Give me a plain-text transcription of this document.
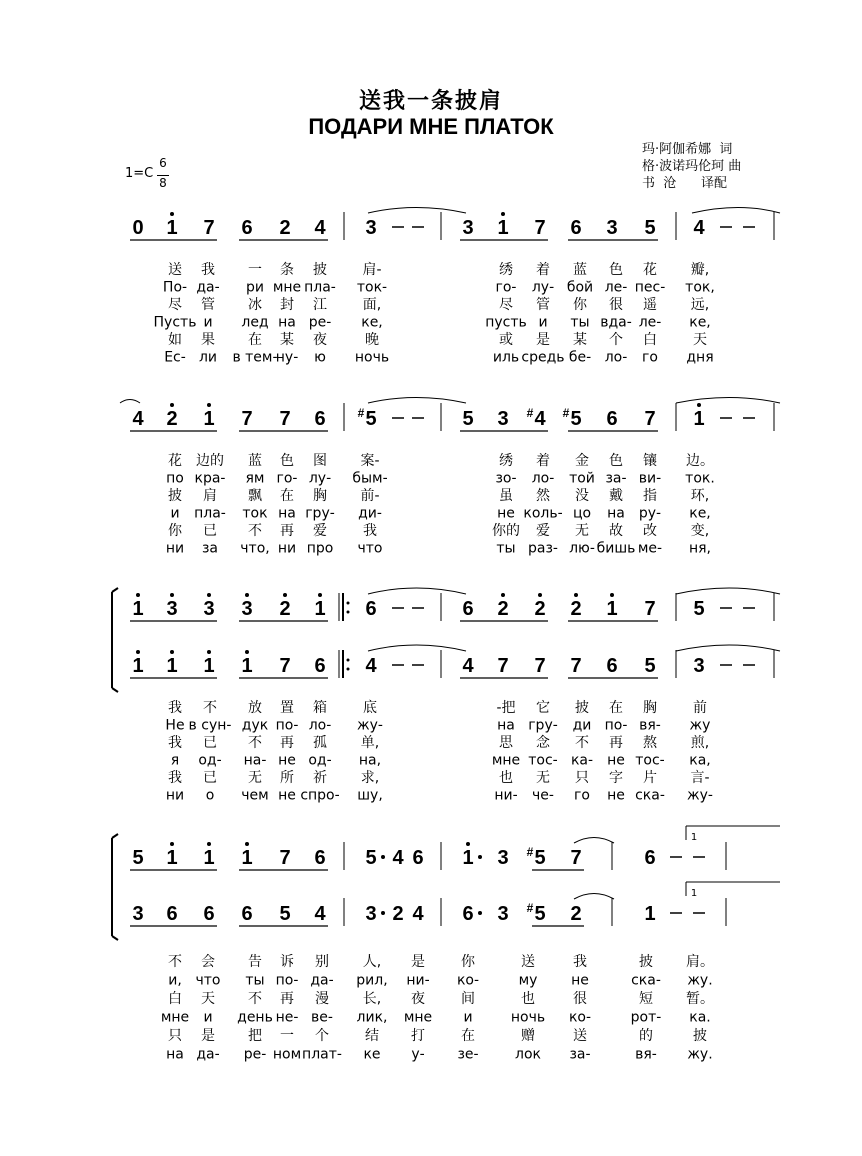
送我一条披肩
ПОДАРИ МНЕ ПЛАТОК
玛·阿伽希娜  词
格·波诺玛伦珂 曲
书  沧      译配
1=C
6
8
0 1 7 6 2 4 3	3 1 7 6 3 5 4
4 2 1 7 7 6 5
#	5 3 4
# 5
# 6 7 1
1 3 3 3 2 1 6	6 2 2 2 1 7 5
1 1 1 1 7 6 4	4 7 7 7 6 5 3
5 1 1 1 7 6 5 4 6 1 3 5
# 7	6
3 6 6 6 5 4 3 2 4 6 3 5
# 2	1
1
1
送 我 一 条 披	肩-	绣 着 蓝 色 花 瓣,
По- да- ри мне пла- ток-	го- лу- бой ле- пес- ток,
尽 管 冰 封 江	面,	尽 管 你 很 遥 远,
Пусть и лед на ре- ке,	пусть и ты вда- ле- ке,
如 果 在 某 夜	晚	或 是 某 个 白	天
Ес- ли в тем-
ну- ю ночь	иль средь бе- ло- го дня
花 边的 蓝 色 图 案-	绣 着 金 色 镶 边。
по кра- ям го- лу- бым-	зо- ло- той за- ви- ток.
披 肩 飘 在 胸 前-	虽 然 没 戴 指 环,
и пла- ток на гру- ди-	не коль- цо на ру- ке,
你 已 不 再 爱	我	你的 爱 无 故 改 变,
ни за что, ни про что	ты раз- лю- бишь ме- ня,
我 不 放 置 箱	底	-把 它 披 在 胸	前
Не в сун- дук по- ло- жу-	на гру- ди по- вя- жу
我 已 不 再 孤 单,	思 念 不 再 熬 煎,
я од- на- не од- на,	мне тос- ка- не тос- ка,
我 已 无 所 祈 求,	也 无 只 字 片 言-
ни о чем не спро- шу,	ни- че- го не ска- жу-
不 会 告 诉 别 人, 是	你	送	我	披 肩。
и, что ты по- да- рил, ни- ко-	му не	ска- жу.
白 天 不 再 漫 长, 夜	间	也	很	短 暂。
мне и день не- ве- лик, мне и	ночь ко-	рот- ка.
只 是 把 一 个	结 打	在	赠	送	的	披
на да- ре- ном плат- ке у- зе-	лок за-	вя- жу.
